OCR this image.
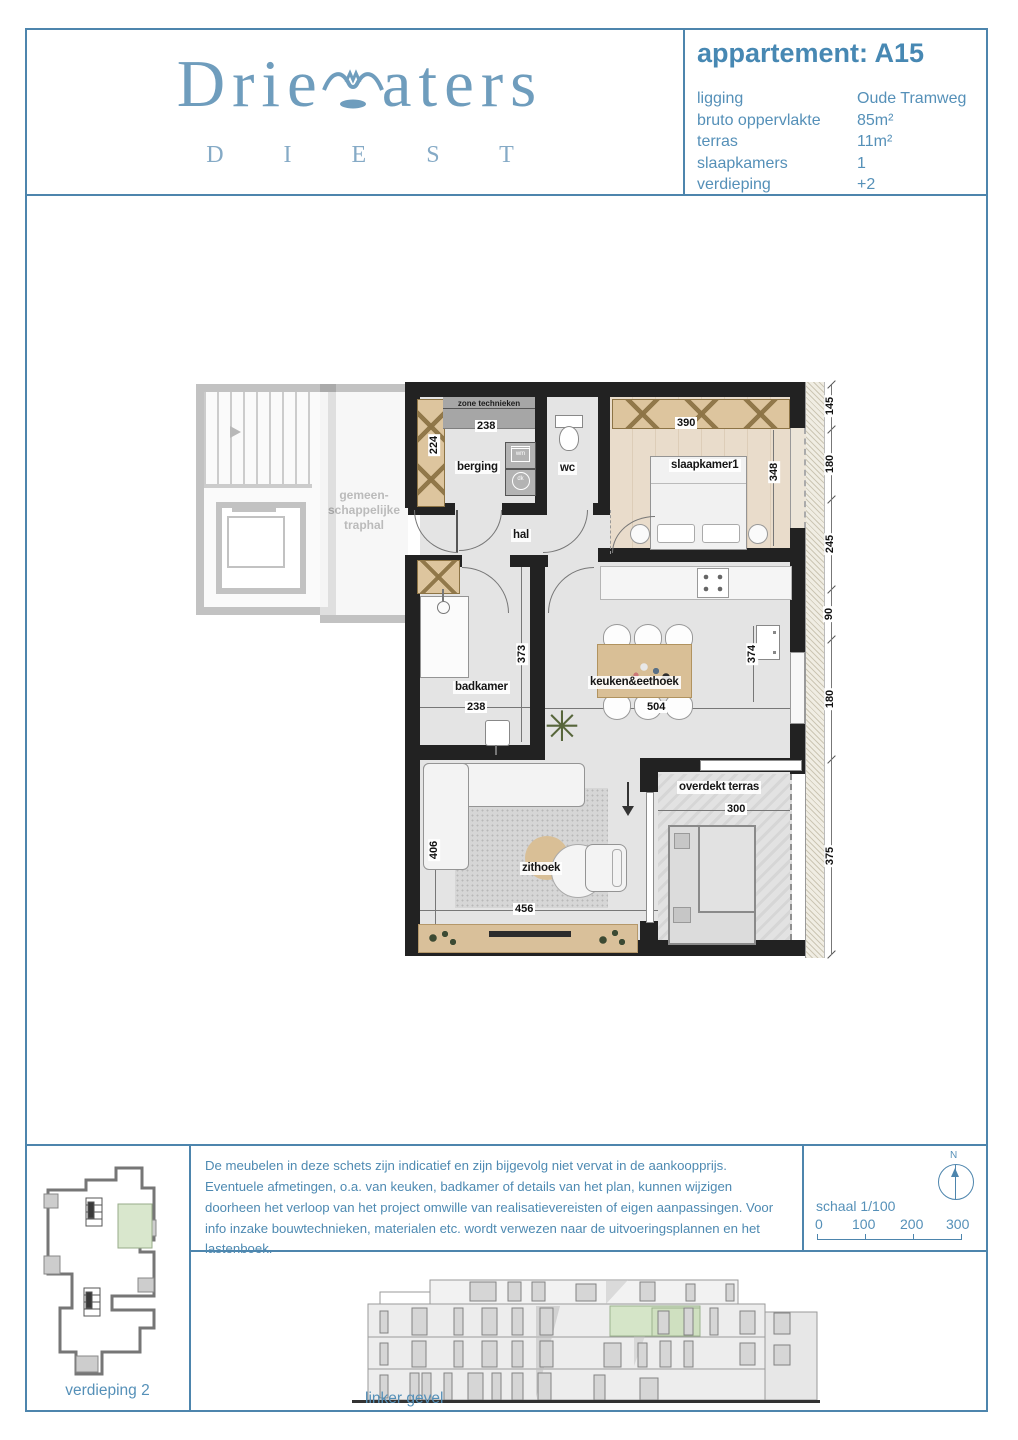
Drie aters
D I E S T
appartement: A15
ligging	Oude Tramweg
bruto oppervlakte 85m²
terras	11m²
slaapkamers	1
verdieping	+2
gemeen-
schappelijke
traphal
145
180
245
90
180
375
zone technieken
238
224
berging
wm
dk
wc
390
348
slaapkamer1
hal
373
badkamer
238
374
keuken&eethoek
504
✳
zithoek
406
456
overdekt terras
300
verdieping 2
De meubelen in deze schets zijn indicatief en zijn bijgevolg niet vervat in de aankoopprijs. Eventuele afmetingen, o.a. van keuken, badkamer of details van het plan, kunnen wijzigen doorheen het verloop van het project omwille van realisatievereisten of eigen aanpassingen. Voor info inzake bouwtechnieken, materialen etc. wordt verwezen naar de uitvoeringsplannen en het lastenboek.
schaal 1/100
0 100 200 300
N
linker gevel
